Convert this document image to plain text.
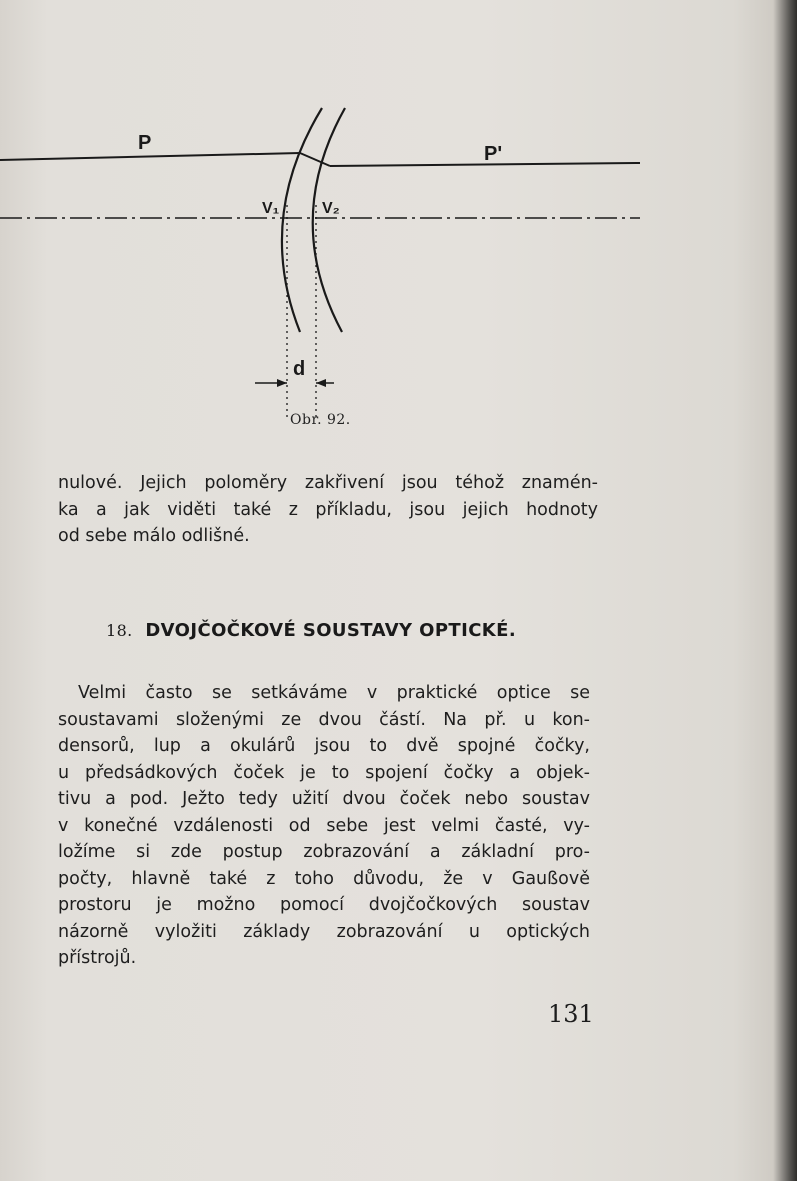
P	P'
V₁	V₂
d
Obr. 92.
nulové. Jejich poloměry zakřivení jsou téhož znamén-
ka a jak viděti také z příkladu, jsou jejich hodnoty
od sebe málo odlišné.
18. DVOJČOČKOVÉ SOUSTAVY OPTICKÉ.
Velmi často se setkáváme v praktické optice se
soustavami složenými ze dvou částí. Na př. u kon-
densorů, lup a okulárů jsou to dvě spojné čočky,
u předsádkových čoček je to spojení čočky a objek-
tivu a pod. Ježto tedy užití dvou čoček nebo soustav
v konečné vzdálenosti od sebe jest velmi časté, vy-
ložíme si zde postup zobrazování a základní pro-
počty, hlavně také z toho důvodu, že v Gaußově
prostoru je možno pomocí dvojčočkových soustav
názorně vyložiti základy zobrazování u optických
přístrojů.
131
